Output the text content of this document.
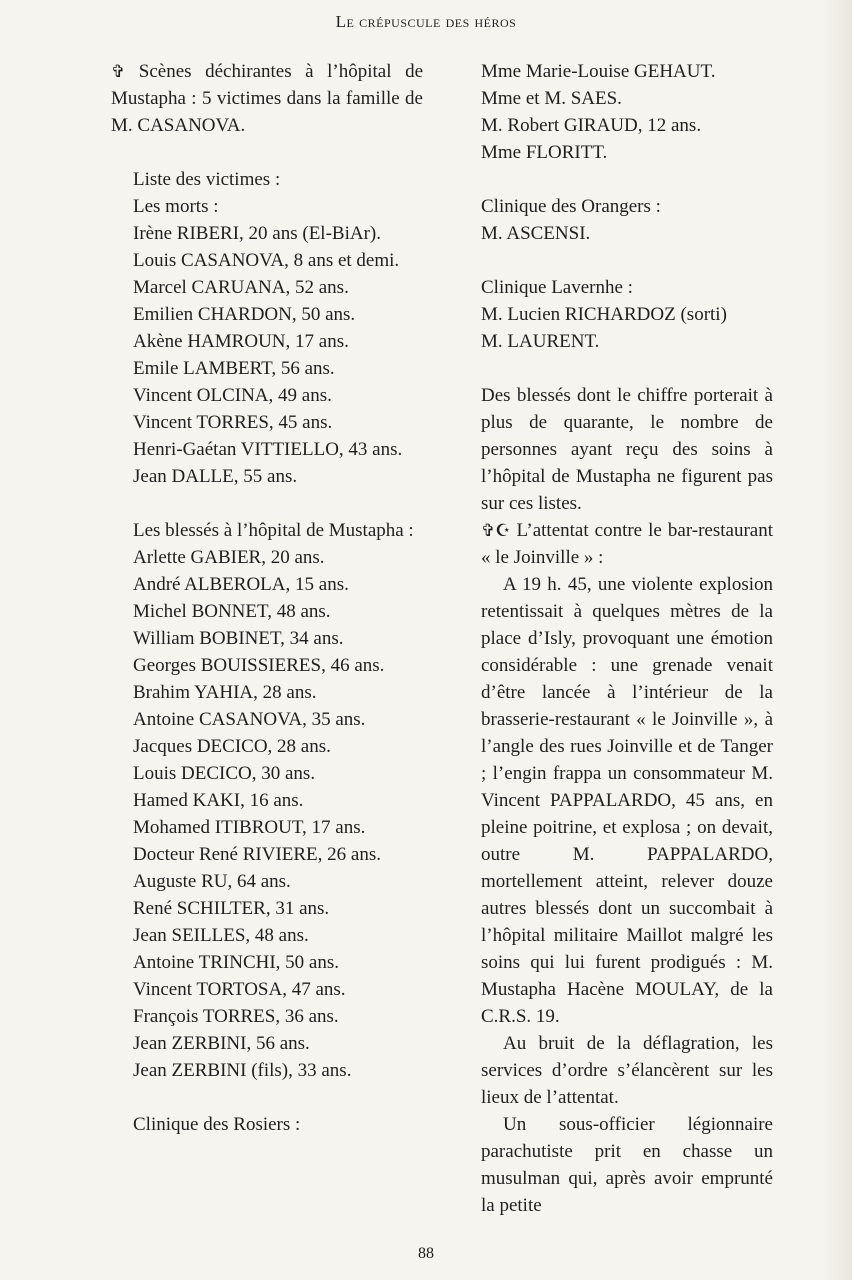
Le crépuscule des héros

✞ Scènes déchirantes à l’hôpital de Mustapha : 5 victimes dans la famille de M. CASANOVA.

Liste des victimes :

Les morts :

Irène RIBERI, 20 ans (El-BiAr).

Louis CASANOVA, 8 ans et demi.

Marcel CARUANA, 52 ans.

Emilien CHARDON, 50 ans.

Akène HAMROUN, 17 ans.

Emile LAMBERT, 56 ans.

Vincent OLCINA, 49 ans.

Vincent TORRES, 45 ans.

Henri-Gaétan VITTIELLO, 43 ans.

Jean DALLE, 55 ans.

Les blessés à l’hôpital de Mustapha :

Arlette GABIER, 20 ans.

André ALBEROLA, 15 ans.

Michel BONNET, 48 ans.

William BOBINET, 34 ans.

Georges BOUISSIERES, 46 ans.

Brahim YAHIA, 28 ans.

Antoine CASANOVA, 35 ans.

Jacques DECICO, 28 ans.

Louis DECICO, 30 ans.

Hamed KAKI, 16 ans.

Mohamed ITIBROUT, 17 ans.

Docteur René RIVIERE, 26 ans.

Auguste RU, 64 ans.

René SCHILTER, 31 ans.

Jean SEILLES, 48 ans.

Antoine TRINCHI, 50 ans.

Vincent TORTOSA, 47 ans.

François TORRES, 36 ans.

Jean ZERBINI, 56 ans.

Jean ZERBINI (fils), 33 ans.

Clinique des Rosiers :

Mme Marie-Louise GEHAUT.

Mme et M. SAES.

M. Robert GIRAUD, 12 ans.

Mme FLORITT.

Clinique des Orangers :

M. ASCENSI.

Clinique Lavernhe :

M. Lucien RICHARDOZ (sorti)

M. LAURENT.

Des blessés dont le chiffre porterait à plus de quarante, le nombre de personnes ayant reçu des soins à l’hôpital de Mustapha ne figurent pas sur ces listes.

✞☪ L’attentat contre le bar-restaurant « le Joinville » :

A 19 h. 45, une violente explosion retentissait à quelques mètres de la place d’Isly, provoquant une émotion considérable : une grenade venait d’être lancée à l’intérieur de la brasserie-restaurant « le Joinville », à l’angle des rues Joinville et de Tanger ; l’engin frappa un consommateur M. Vincent PAPPALARDO, 45 ans, en pleine poitrine, et explosa ; on devait, outre M. PAPPALARDO, mortellement atteint, relever douze autres blessés dont un succombait à l’hôpital militaire Maillot malgré les soins qui lui furent prodigués : M. Mustapha Hacène MOULAY, de la C.R.S. 19.

Au bruit de la déflagration, les services d’ordre s’élancèrent sur les lieux de l’attentat.

Un sous-officier légionnaire parachutiste prit en chasse un musulman qui, après avoir emprunté la petite

88
